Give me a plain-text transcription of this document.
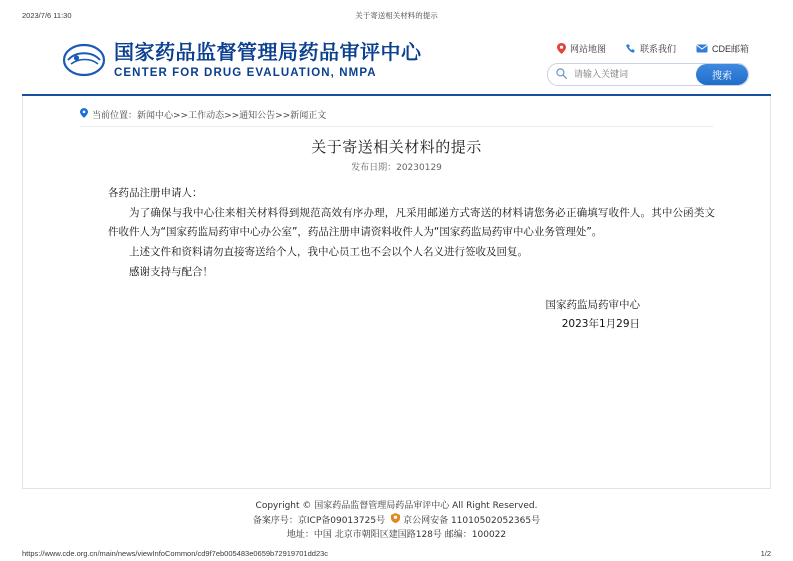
2023/7/6 11:30	关于寄送相关材料的提示
国家药品监督管理局药品审评中心
CENTER FOR DRUG EVALUATION, NMPA
网站地图	联系我们	CDE邮箱
请输入关键词
搜索
当前位置：新闻中心>>工作动态>>通知公告>>新闻正文
关于寄送相关材料的提示
发布日期：20230129

各药品注册申请人：

为了确保与我中心往来相关材料得到规范高效有序办理，凡采用邮递方式寄送的材料请您务必正确填写收件人。其中公函类文件收件人为“国家药监局药审中心办公室”，药品注册申请资料收件人为“国家药监局药审中心业务管理处”。

上述文件和资料请勿直接寄送给个人，我中心员工也不会以个人名义进行签收及回复。

感谢支持与配合！

国家药监局药审中心
2023年1月29日
Copyright © 国家药品监督管理局药品审评中心 All Right Reserved.
备案序号：京ICP备09013725号 京公网安备 11010502052365号
地址：中国 北京市朝阳区建国路128号 邮编：100022
https://www.cde.org.cn/main/news/viewInfoCommon/cd9f7eb005483e0659b72919701dd23c	1/2
